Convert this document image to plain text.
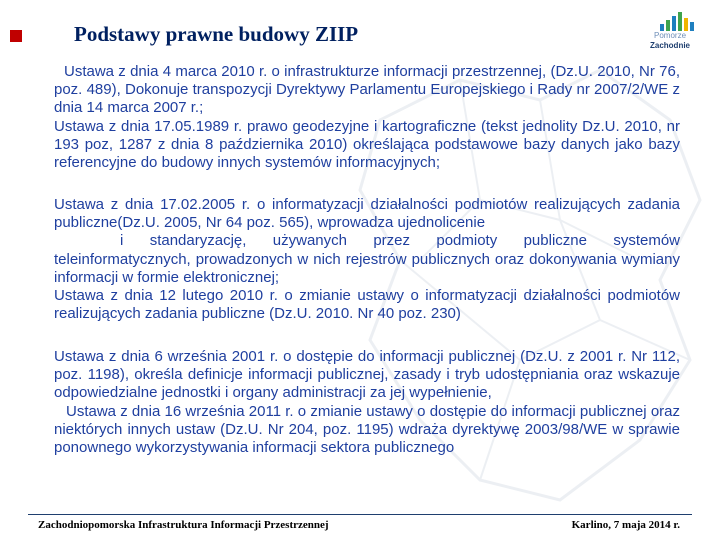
Podstawy prawne budowy ZIIP	Pomorze
Zachodnie

Ustawa z dnia 4 marca 2010 r. o infrastrukturze informacji przestrzennej, (Dz.U. 2010, Nr 76, poz. 489), Dokonuje transpozycji Dyrektywy Parlamentu Europejskiego i Rady nr 2007/2/WE z dnia 14 marca 2007 r.;

Ustawa z dnia 17.05.1989 r. prawo geodezyjne i kartograficzne (tekst jednolity Dz.U. 2010, nr 193 poz, 1287 z dnia 8 października 2010) określająca podstawowe bazy danych jako bazy referencyjne do budowy innych systemów informacyjnych;

Ustawa z dnia 17.02.2005 r. o informatyzacji działalności podmiotów realizujących zadania publiczne(Dz.U. 2005, Nr 64 poz. 565), wprowadza ujednolicenie

i standaryzację, używanych przez podmioty publiczne systemów teleinformatycznych, prowadzonych w nich rejestrów publicznych oraz dokonywania wymiany informacji w formie elektronicznej;

Ustawa z dnia 12 lutego 2010 r. o zmianie ustawy o informatyzacji działalności podmiotów realizujących zadania publiczne (Dz.U. 2010. Nr 40 poz. 230)

Ustawa z dnia 6 września 2001 r. o dostępie do informacji publicznej (Dz.U. z 2001 r. Nr 112, poz. 1198), określa definicje informacji publicznej, zasady i tryb udostępniania oraz wskazuje odpowiedzialne jednostki i organy administracji za jej wypełnienie,

Ustawa z dnia 16 września 2011 r. o zmianie ustawy o dostępie do informacji publicznej oraz niektórych innych ustaw (Dz.U. Nr 204, poz. 1195) wdraża dyrektywę 2003/98/WE w sprawie ponownego wykorzystywania informacji sektora publicznego

Zachodniopomorska Infrastruktura Informacji Przestrzennej	Karlino, 7 maja 2014 r.
